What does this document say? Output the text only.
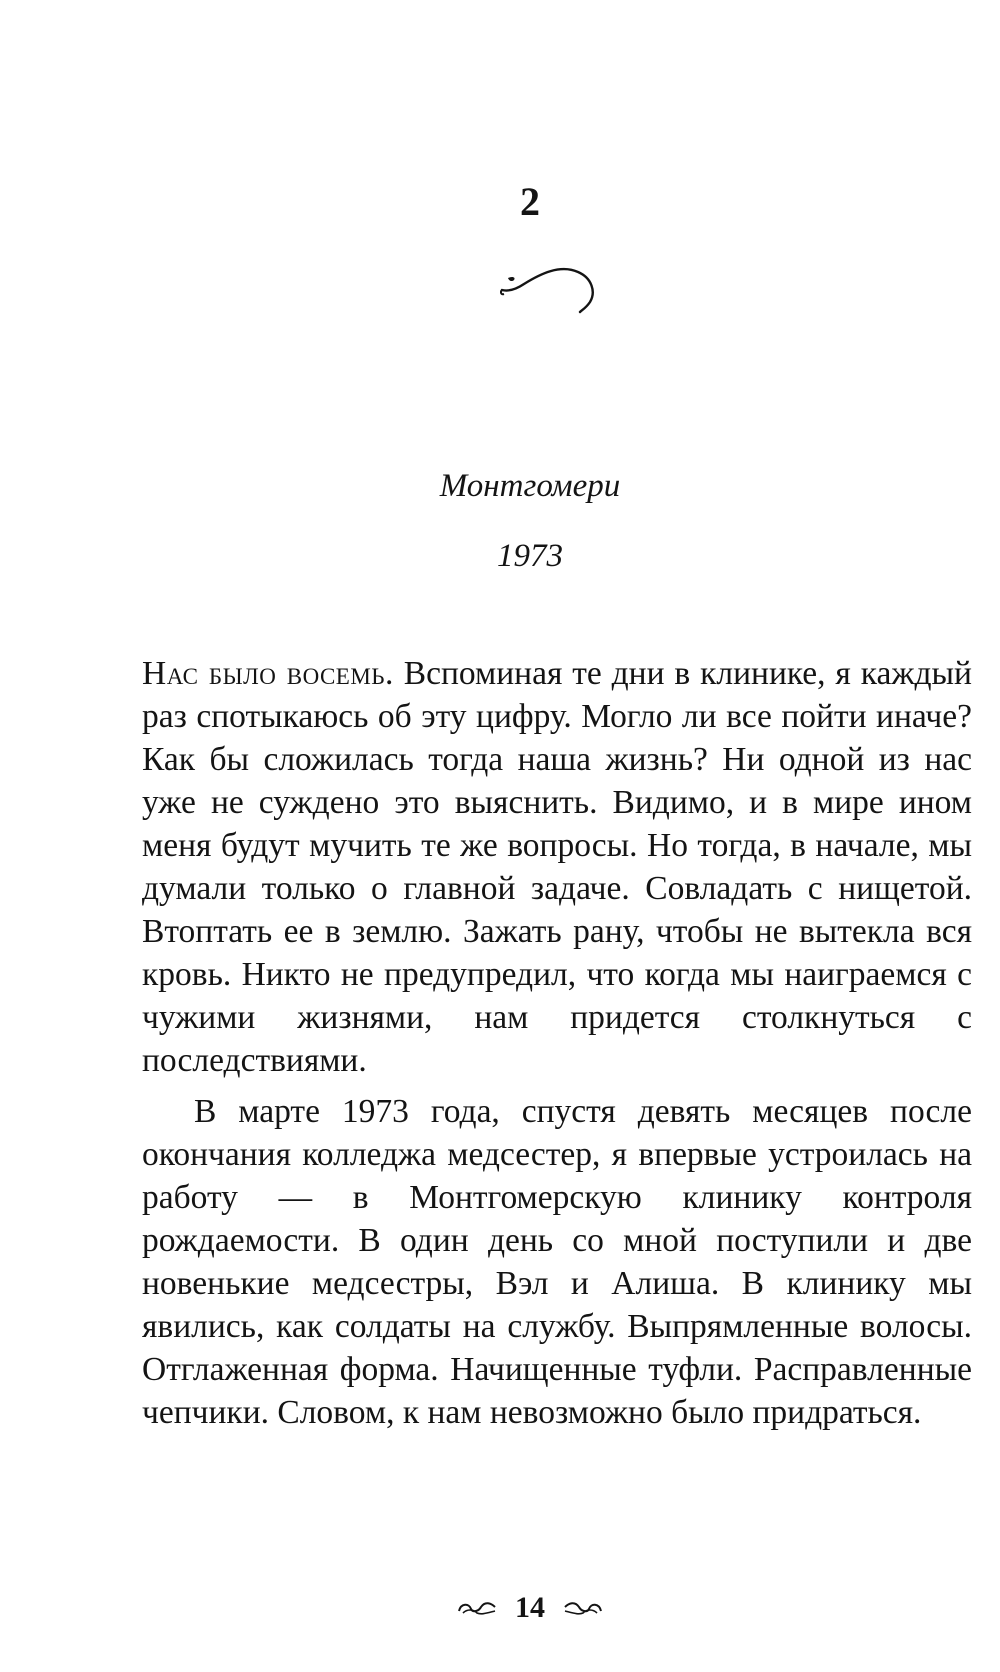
2
Монтгомери
1973

Нас было восемь. Вспоминая те дни в клинике, я каждый раз спотыкаюсь об эту цифру. Могло ли все пойти иначе? Как бы сложилась тогда наша жизнь? Ни одной из нас уже не суждено это выяснить. Видимо, и в мире ином меня будут мучить те же вопросы. Но тогда, в начале, мы думали только о главной задаче. Совладать с нищетой. Втоптать ее в землю. Зажать рану, чтобы не вытекла вся кровь. Никто не предупредил, что когда мы наиграемся с чужими жизнями, нам придется столкнуться с последствиями.

В марте 1973 года, спустя девять месяцев после окончания колледжа медсестер, я впервые устроилась на работу — в Монтгомерскую клинику контроля рождаемости. В один день со мной поступили и две новенькие медсестры, Вэл и Алиша. В клинику мы явились, как солдаты на службу. Выпрямленные волосы. Отглаженная форма. Начищенные туфли. Расправленные чепчики. Словом, к нам невозможно было придраться.

14
